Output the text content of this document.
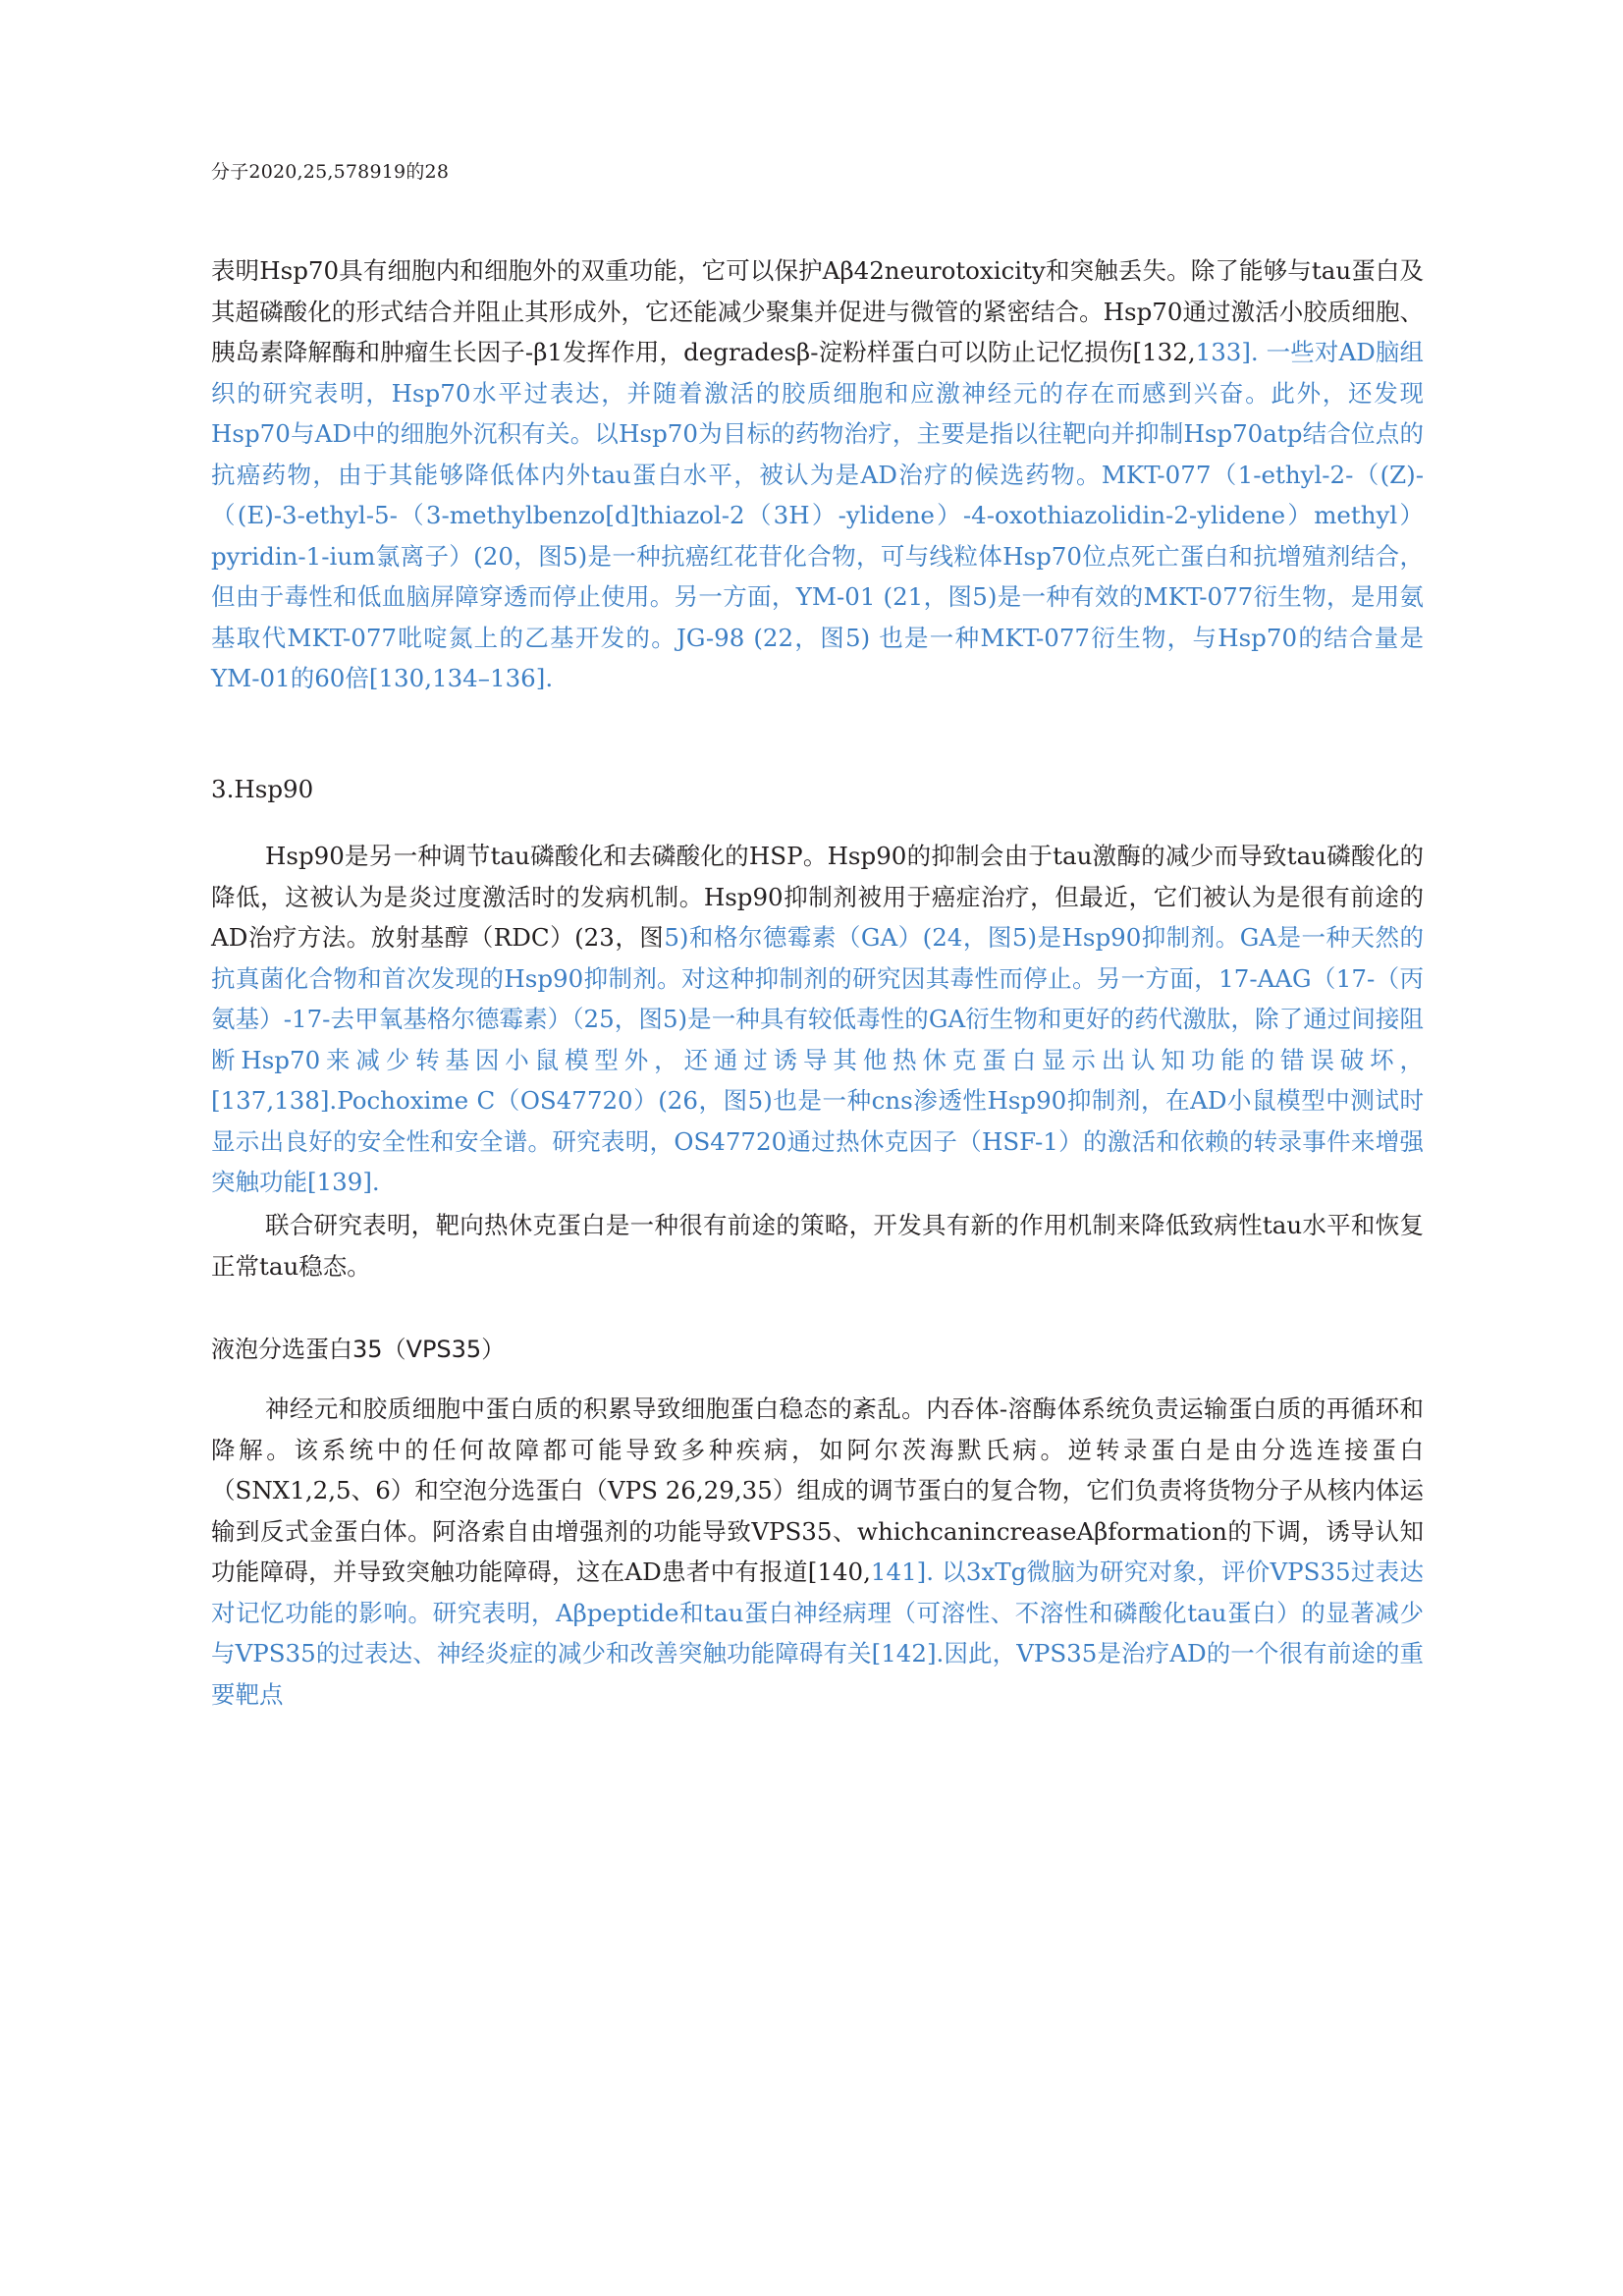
分子2020,25,578919的28

表明Hsp70具有细胞内和细胞外的双重功能，它可以保护Aβ42neurotoxicity和突触丢失。除了能够与tau蛋白及其超磷酸化的形式结合并阻止其形成外，它还能减少聚集并促进与微管的紧密结合。Hsp70通过激活小胶质细胞、胰岛素降解酶和肿瘤生长因子-β1发挥作用，degradesβ-淀粉样蛋白可以防止记忆损伤[132,133]. 一些对AD脑组织的研究表明，Hsp70水平过表达，并随着激活的胶质细胞和应激神经元的存在而感到兴奋。此外，还发现Hsp70与AD中的细胞外沉积有关。以Hsp70为目标的药物治疗，主要是指以往靶向并抑制Hsp70atp结合位点的抗癌药物，由于其能够降低体内外tau蛋白水平，被认为是AD治疗的候选药物。MKT-077（1-ethyl-2-（(Z)-（(E)-3-ethyl-5-（3-methylbenzo[d]thiazol-2（3H）-ylidene）-4-oxothiazolidin-2-ylidene）methyl）pyridin-1-ium氯离子）(20，图5)是一种抗癌红花苷化合物，可与线粒体Hsp70位点死亡蛋白和抗增殖剂结合，但由于毒性和低血脑屏障穿透而停止使用。另一方面，YM-01 (21，图5)是一种有效的MKT-077衍生物，是用氨基取代MKT-077吡啶氮上的乙基开发的。JG-98 (22，图5) 也是一种MKT-077衍生物，与Hsp70的结合量是YM-01的60倍[130,134–136].

3.Hsp90

Hsp90是另一种调节tau磷酸化和去磷酸化的HSP。Hsp90的抑制会由于tau激酶的减少而导致tau磷酸化的降低，这被认为是炎过度激活时的发病机制。Hsp90抑制剂被用于癌症治疗，但最近，它们被认为是很有前途的AD治疗方法。放射基醇（RDC）(23，图5)和格尔德霉素（GA）(24，图5)是Hsp90抑制剂。GA是一种天然的抗真菌化合物和首次发现的Hsp90抑制剂。对这种抑制剂的研究因其毒性而停止。另一方面，17-AAG（17-（丙氨基）-17-去甲氧基格尔德霉素）（25，图5)是一种具有较低毒性的GA衍生物和更好的药代激肽，除了通过间接阻断Hsp70来减少转基因小鼠模型外，还通过诱导其他热休克蛋白显示出认知功能的错误破坏，[137,138].Pochoxime C（OS47720）(26，图5)也是一种cns渗透性Hsp90抑制剂，在AD小鼠模型中测试时显示出良好的安全性和安全谱。研究表明，OS47720通过热休克因子（HSF-1）的激活和依赖的转录事件来增强突触功能[139].

联合研究表明，靶向热休克蛋白是一种很有前途的策略，开发具有新的作用机制来降低致病性tau水平和恢复正常tau稳态。

液泡分选蛋白35（VPS35）

神经元和胶质细胞中蛋白质的积累导致细胞蛋白稳态的紊乱。内吞体-溶酶体系统负责运输蛋白质的再循环和降解。该系统中的任何故障都可能导致多种疾病，如阿尔茨海默氏病。逆转录蛋白是由分选连接蛋白（SNX1,2,5、6）和空泡分选蛋白（VPS 26,29,35）组成的调节蛋白的复合物，它们负责将货物分子从核内体运输到反式金蛋白体。阿洛索自由增强剂的功能导致VPS35、whichcanincreaseAβformation的下调，诱导认知功能障碍，并导致突触功能障碍，这在AD患者中有报道[140,141]. 以3xTg微脑为研究对象，评价VPS35过表达对记忆功能的影响。研究表明，Aβpeptide和tau蛋白神经病理（可溶性、不溶性和磷酸化tau蛋白）的显著减少与VPS35的过表达、神经炎症的减少和改善突触功能障碍有关[142].因此，VPS35是治疗AD的一个很有前途的重要靶点
